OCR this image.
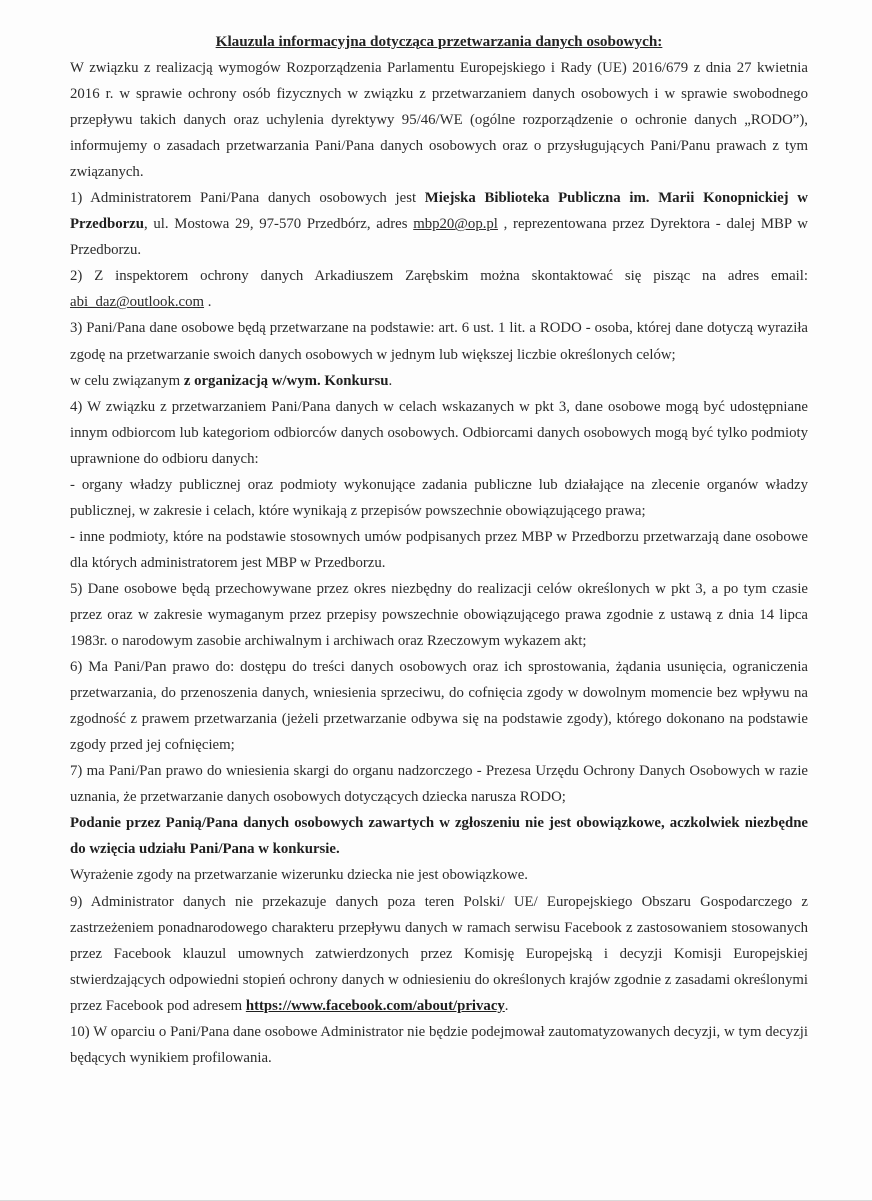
Klauzula informacyjna dotycząca przetwarzania danych osobowych:

W związku z realizacją wymogów Rozporządzenia Parlamentu Europejskiego i Rady (UE) 2016/679 z dnia 27 kwietnia 2016 r. w sprawie ochrony osób fizycznych w związku z przetwarzaniem danych osobowych i w sprawie swobodnego przepływu takich danych oraz uchylenia dyrektywy 95/46/WE (ogólne rozporządzenie o ochronie danych „RODO”), informujemy o zasadach przetwarzania Pani/Pana danych osobowych oraz o przysługujących Pani/Panu prawach z tym związanych.

1) Administratorem Pani/Pana danych osobowych jest Miejska Biblioteka Publiczna im. Marii Konopnickiej w Przedborzu, ul. Mostowa 29, 97-570 Przedbórz, adres mbp20@op.pl , reprezentowana przez Dyrektora - dalej MBP w Przedborzu.

2) Z inspektorem ochrony danych Arkadiuszem Zarębskim można skontaktować się pisząc na adres email: abi_daz@outlook.com .

3) Pani/Pana dane osobowe będą przetwarzane na podstawie: art. 6 ust. 1 lit. a RODO - osoba, której dane dotyczą wyraziła zgodę na przetwarzanie swoich danych osobowych w jednym lub większej liczbie określonych celów;
w celu związanym z organizacją w/wym. Konkursu.

4) W związku z przetwarzaniem Pani/Pana danych w celach wskazanych w pkt 3, dane osobowe mogą być udostępniane innym odbiorcom lub kategoriom odbiorców danych osobowych. Odbiorcami danych osobowych mogą być tylko podmioty uprawnione do odbioru danych:

- organy władzy publicznej oraz podmioty wykonujące zadania publiczne lub działające na zlecenie organów władzy publicznej, w zakresie i celach, które wynikają z przepisów powszechnie obowiązującego prawa;

- inne podmioty, które na podstawie stosownych umów podpisanych przez MBP w Przedborzu przetwarzają dane osobowe dla których administratorem jest MBP w Przedborzu.

5) Dane osobowe będą przechowywane przez okres niezbędny do realizacji celów określonych w pkt 3, a po tym czasie przez oraz w zakresie wymaganym przez przepisy powszechnie obowiązującego prawa zgodnie z ustawą z dnia 14 lipca 1983r. o narodowym zasobie archiwalnym i archiwach oraz Rzeczowym wykazem akt;

6) Ma Pani/Pan prawo do: dostępu do treści danych osobowych oraz ich sprostowania, żądania usunięcia, ograniczenia przetwarzania, do przenoszenia danych, wniesienia sprzeciwu, do cofnięcia zgody w dowolnym momencie bez wpływu na zgodność z prawem przetwarzania (jeżeli przetwarzanie odbywa się na podstawie zgody), którego dokonano na podstawie zgody przed jej cofnięciem;

7) ma Pani/Pan prawo do wniesienia skargi do organu nadzorczego - Prezesa Urzędu Ochrony Danych Osobowych w razie uznania, że przetwarzanie danych osobowych dotyczących dziecka narusza RODO;

Podanie przez Panią/Pana danych osobowych zawartych w zgłoszeniu nie jest obowiązkowe, aczkolwiek niezbędne do wzięcia udziału Pani/Pana w konkursie.

Wyrażenie zgody na przetwarzanie wizerunku dziecka nie jest obowiązkowe.

9) Administrator danych nie przekazuje danych poza teren Polski/ UE/ Europejskiego Obszaru Gospodarczego z zastrzeżeniem ponadnarodowego charakteru przepływu danych w ramach serwisu Facebook z zastosowaniem stosowanych przez Facebook klauzul umownych zatwierdzonych przez Komisję Europejską i decyzji Komisji Europejskiej stwierdzających odpowiedni stopień ochrony danych w odniesieniu do określonych krajów zgodnie z zasadami określonymi przez Facebook pod adresem https://www.facebook.com/about/privacy.

10) W oparciu o Pani/Pana dane osobowe Administrator nie będzie podejmował zautomatyzowanych decyzji, w tym decyzji będących wynikiem profilowania.
